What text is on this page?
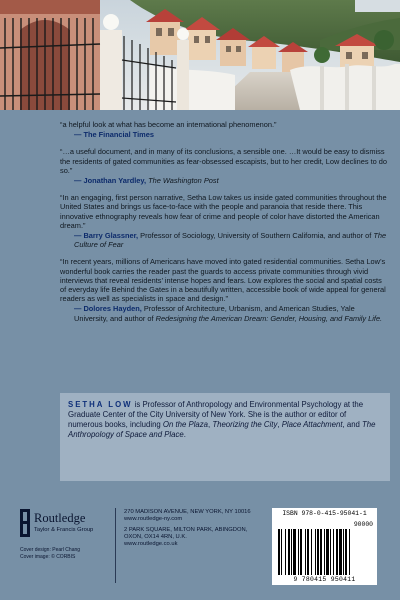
“a helpful look at what has become an international phenomenon.”

— The Financial Times

“…a useful document, and in many of its conclusions, a sensible one. …It would be easy to dismiss the residents of gated communities as fear-obsessed escapists, but to her credit, Low declines to do so.”

— Jonathan Yardley, The Washington Post

“In an engaging, first person narrative, Setha Low takes us inside gated communities throughout the United States and brings us face-to-face with the people and paranoia that reside there. This innovative ethnography reveals how fear of crime and people of color have distorted the American dream.”

— Barry Glassner, Professor of Sociology, University of Southern California, and author of The Culture of Fear

“In recent years, millions of Americans have moved into gated residential communities. Setha Low’s wonderful book carries the reader past the guards to access private communities through vivid interviews that reveal residents’ intense hopes and fears. Low explores the social and spatial costs of everyday life Behind the Gates in a beautifully written, accessible book of wide appeal for general readers as well as specialists in space and design.”

— Dolores Hayden, Professor of Architecture, Urbanism, and American Studies, Yale University, and author of Redesigning the American Dream: Gender, Housing, and Family Life.

SETHA LOW is Professor of Anthropology and Environmental Psychology at the Graduate Center of the City University of New York. She is the author or editor of numerous books, including On the Plaza, Theorizing the City, Place Attachment, and The Anthropology of Space and Place.
Routledge
Taylor & Francis Group
Cover design: Pearl Chang
Cover image: © CORBIS

270 MADISON AVENUE, NEW YORK, NY 10016
www.routledge-ny.com

2 PARK SQUARE, MILTON PARK, ABINGDON,
OXON, OX14 4RN, U.K.
www.routledge.co.uk

ISBN 978-0-415-95041-1
90000
9 780415 950411
